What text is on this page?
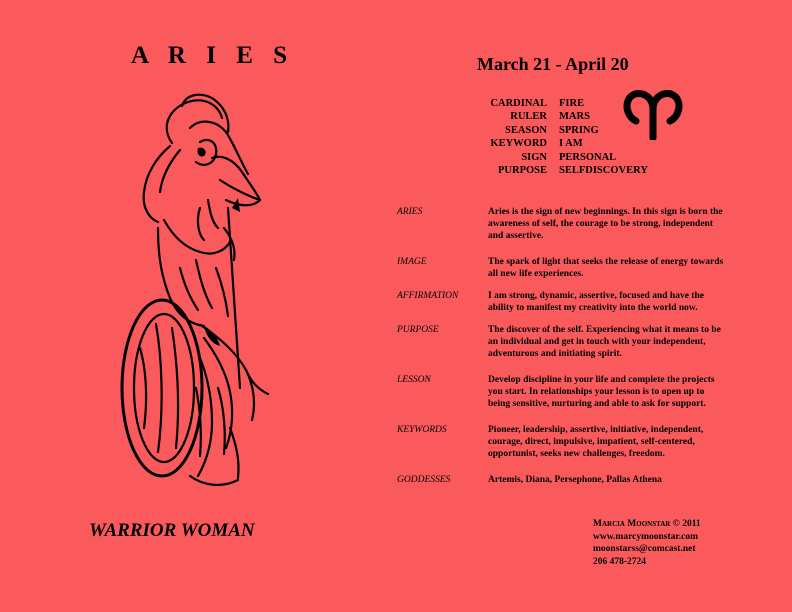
A R I E S	March 21 - April 20
CARDINAL	FIRE
RULER	MARS
SEASON	SPRING
KEYWORD	I AM
SIGN	PERSONAL
PURPOSE	SELFDISCOVERY
ARIES	Aries is the sign of new beginnings. In this sign is born the awareness of self, the courage to be strong, independent and assertive.
IMAGE	The spark of light that seeks the release of energy towards all new life experiences.
AFFIRMATION	I am strong, dynamic, assertive, focused and have the ability to manifest my creativity into the world now.
PURPOSE	The discover of the self. Experiencing what it means to be an individual and get in touch with your independent, adventurous and initiating spirit.
LESSON	Develop discipline in your life and complete the projects you start. In relationships your lesson is to open up to being sensitive, nurturing and able to ask for support.
KEYWORDS	Pioneer, leadership, assertive, initiative, independent, courage, direct, impulsive, impatient, self-centered, opportunist, seeks new challenges, freedom.
GODDESSES	Artemis, Diana, Persephone, Pallas Athena
WARRIOR WOMAN	Marcia Moonstar © 2011
www.marcymoonstar.com
moonstarss@comcast.net
206 478-2724
